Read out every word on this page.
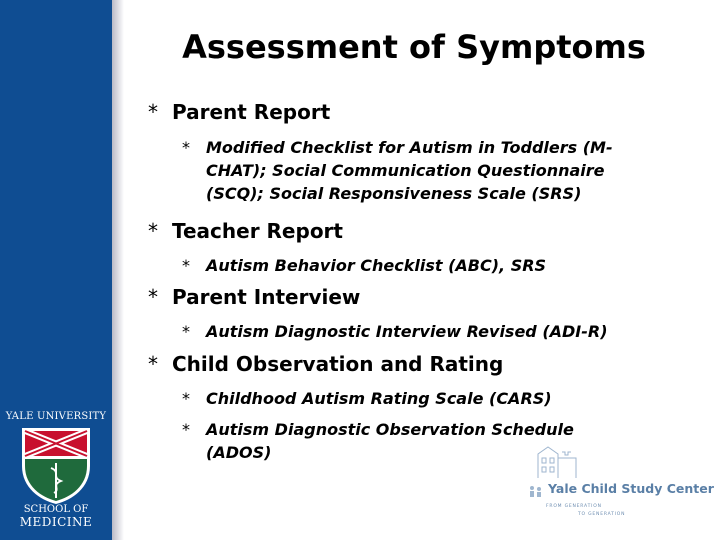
YALE UNIVERSITY
SCHOOL OF
MEDICINE
Assessment of Symptoms
* Parent Report
* Modified Checklist for Autism in Toddlers (M-CHAT); Social Communication Questionnaire (SCQ); Social Responsiveness Scale (SRS)
* Teacher Report
* Autism Behavior Checklist (ABC), SRS
* Parent Interview
* Autism Diagnostic Interview Revised (ADI-R)
* Child Observation and Rating
* Childhood Autism Rating Scale (CARS)
* Autism Diagnostic Observation Schedule (ADOS)
Yale Child Study Center
FROM GENERATION
TO GENERATION
